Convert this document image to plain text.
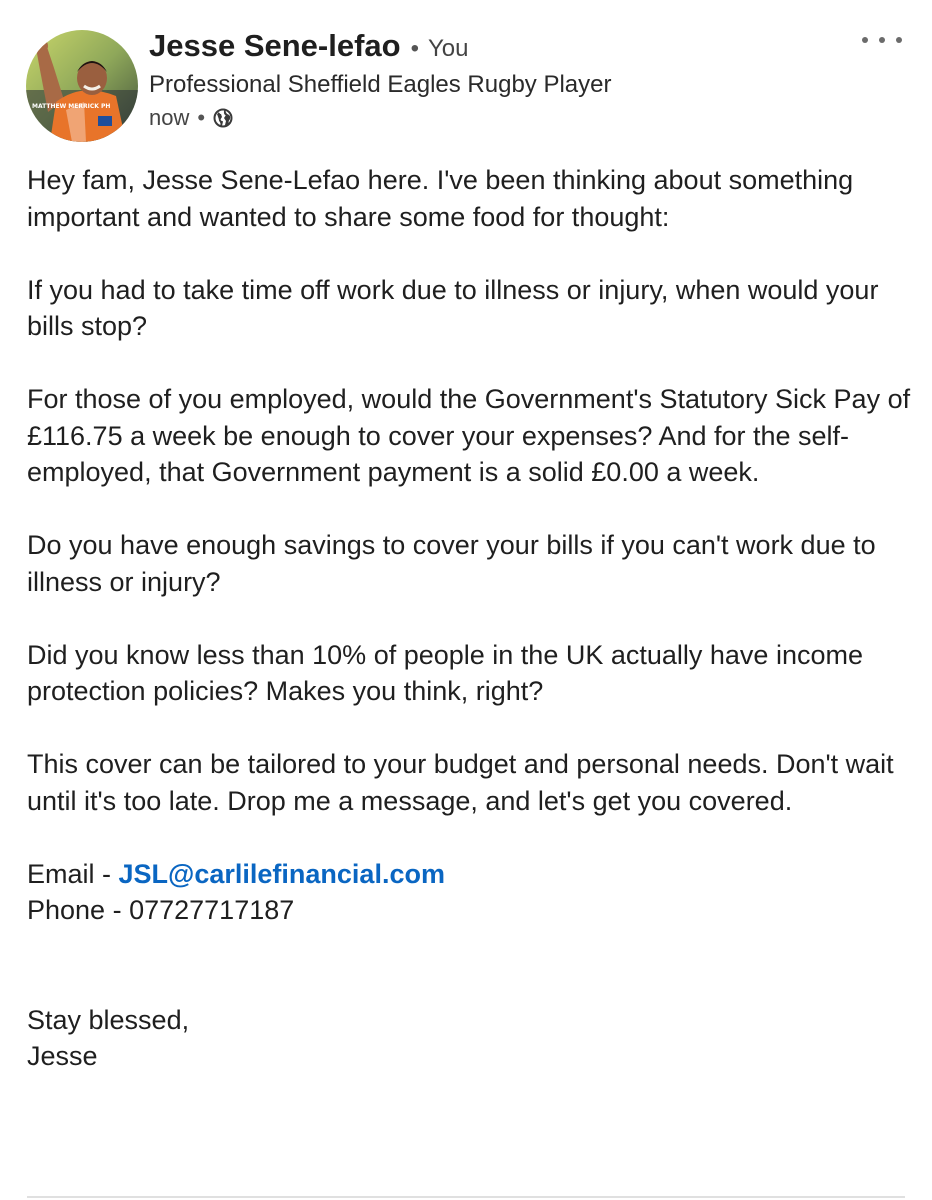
MATTHEW MERRICK PH
Jesse Sene-lefao • You
Professional Sheffield Eagles Rugby Player
now •

Hey fam, Jesse Sene-Lefao here. I've been thinking about something important and wanted to share some food for thought:

If you had to take time off work due to illness or injury, when would your bills stop?

For those of you employed, would the Government's Statutory Sick Pay of £116.75 a week be enough to cover your expenses? And for the self-employed, that Government payment is a solid £0.00 a week.

Do you have enough savings to cover your bills if you can't work due to illness or injury?

Did you know less than 10% of people in the UK actually have income protection policies? Makes you think, right?

This cover can be tailored to your budget and personal needs. Don't wait until it's too late. Drop me a message, and let's get you covered.

Email - JSL@carlilefinancial.com

Phone - 07727717187

Stay blessed,

Jesse
